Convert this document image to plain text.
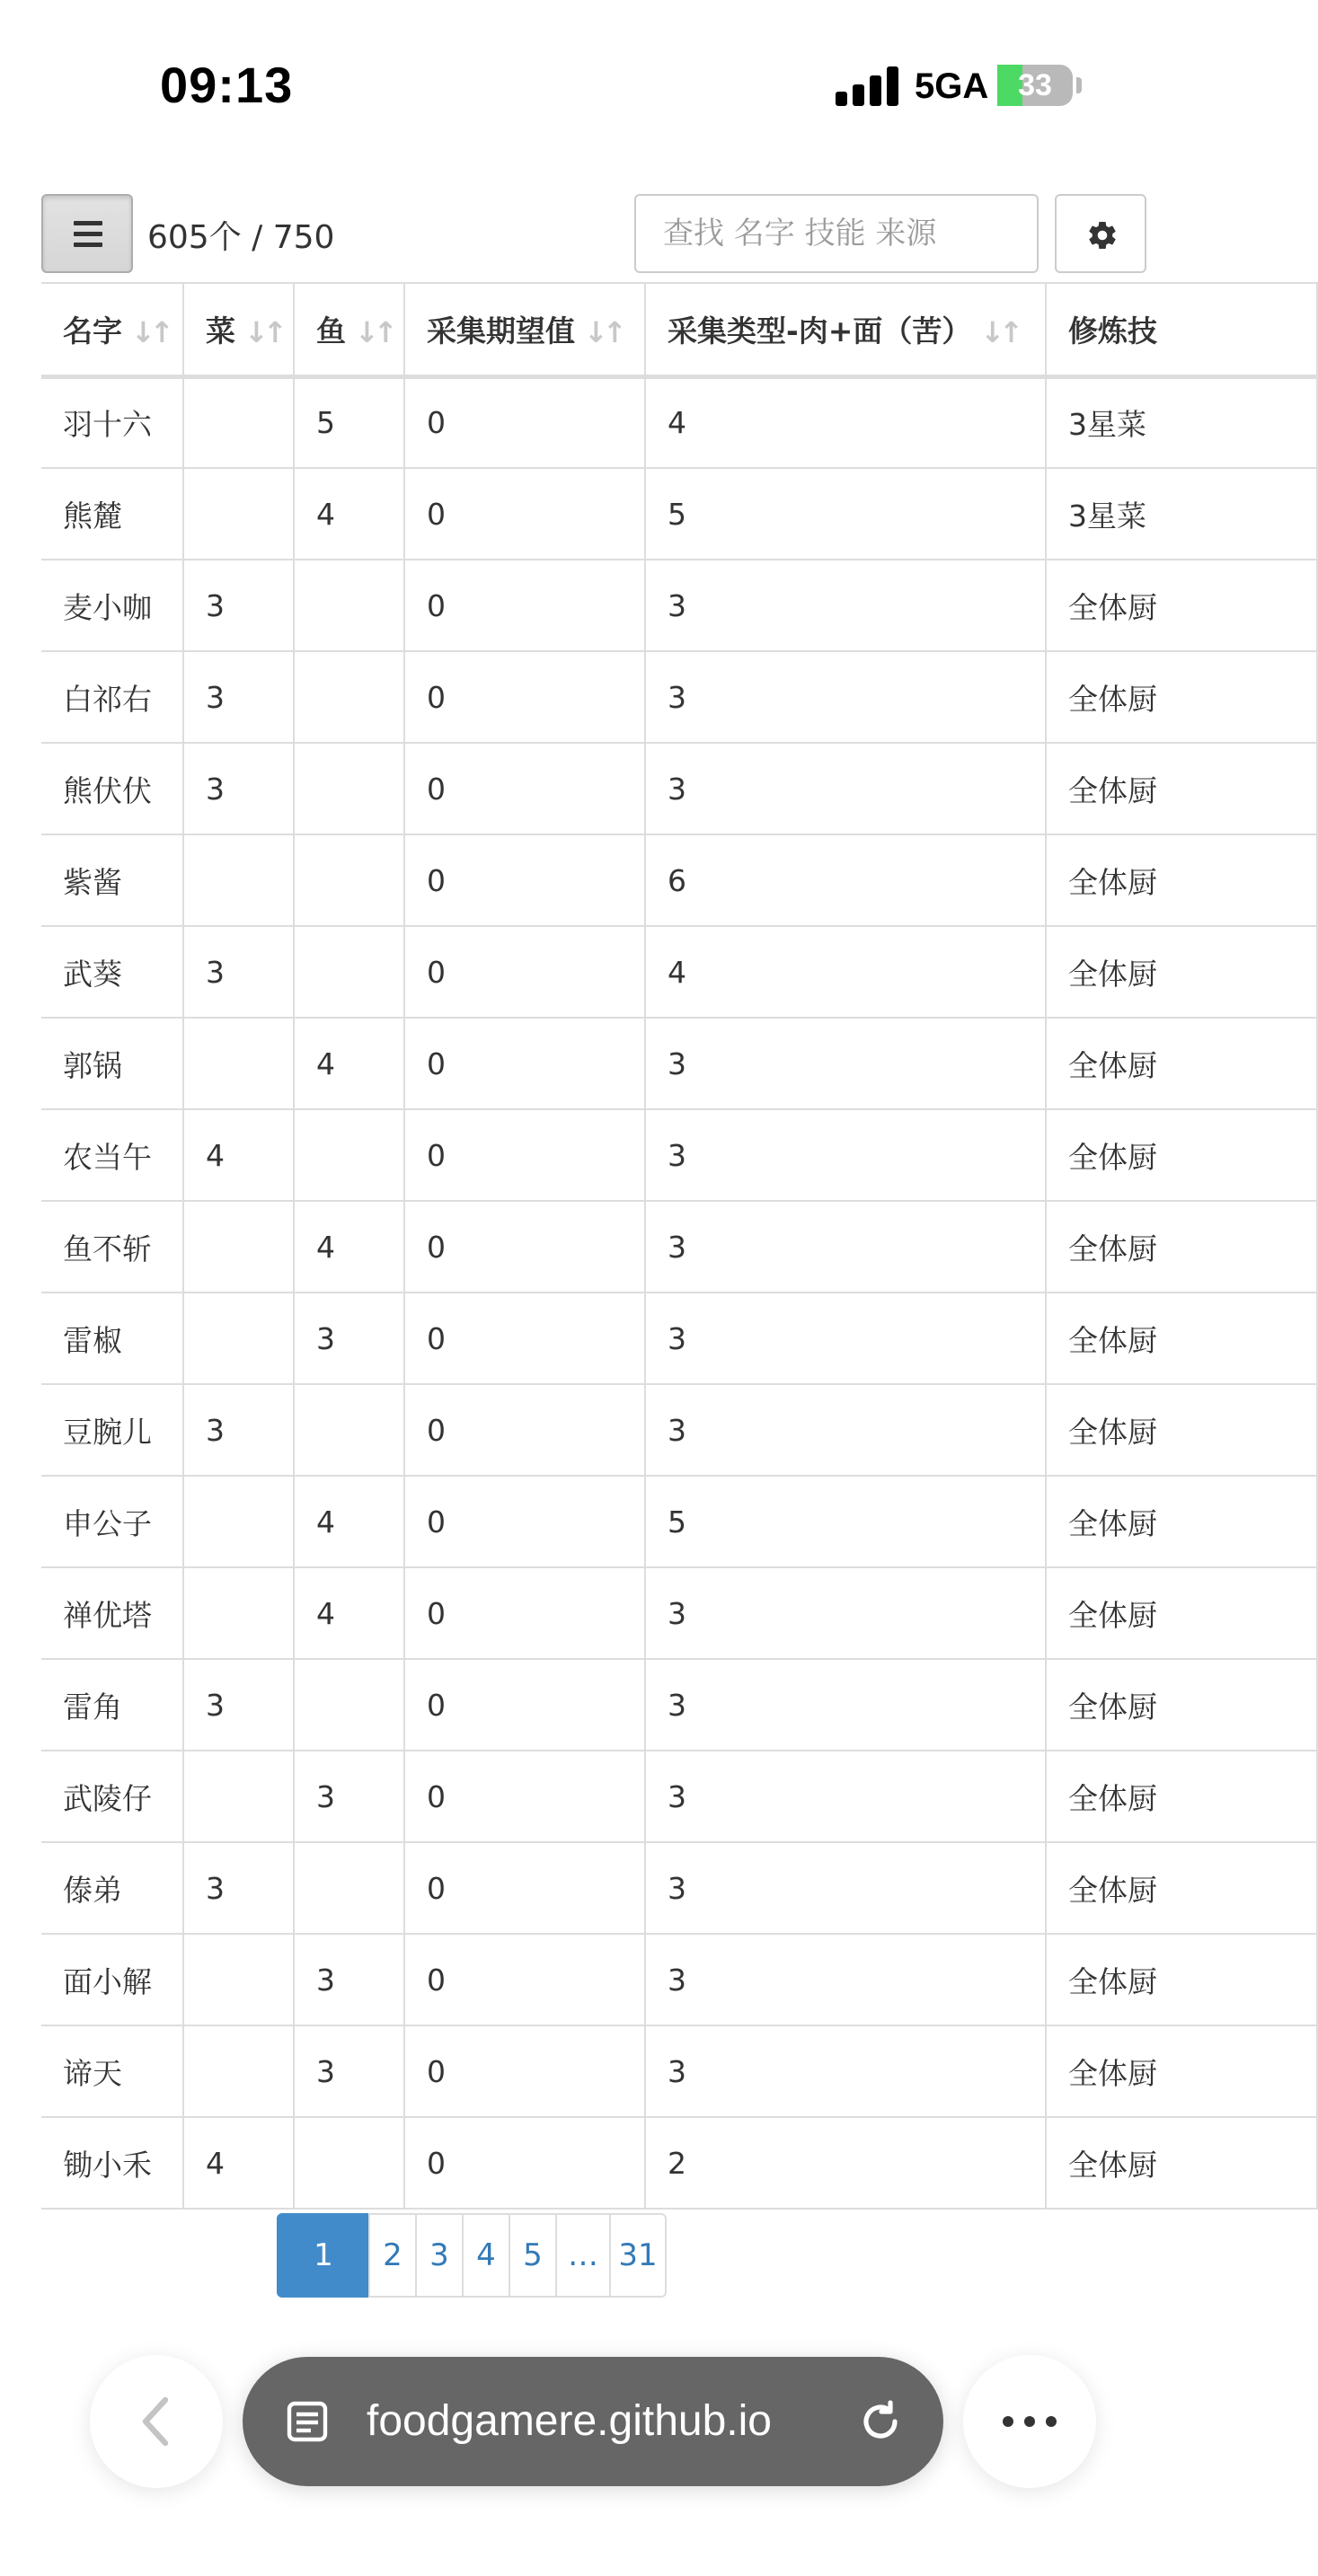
09:13	5GA 33
605个 / 750
查找 名字 技能 来源
名字 ↓↑	菜 ↓↑	鱼 ↓↑	采集期望值 ↓↑	采集类型-肉+面（苦） ↓↑	修炼技
羽十六		5	0	4	3星菜
熊麓		4	0	5	3星菜
麦小咖	3		0	3	全体厨
白祁右	3		0	3	全体厨
熊伏伏	3		0	3	全体厨
紫酱			0	6	全体厨
武葵	3		0	4	全体厨
郭锅		4	0	3	全体厨
农当午	4		0	3	全体厨
鱼不斩		4	0	3	全体厨
雷椒		3	0	3	全体厨
豆腕儿	3		0	3	全体厨
申公子		4	0	5	全体厨
禅优塔		4	0	3	全体厨
雷角	3		0	3	全体厨
武陵仔		3	0	3	全体厨
傣弟	3		0	3	全体厨
面小解		3	0	3	全体厨
谛天		3	0	3	全体厨
锄小禾	4		0	2	全体厨
1	2 3 4 5 … 31
foodgamere.github.io
